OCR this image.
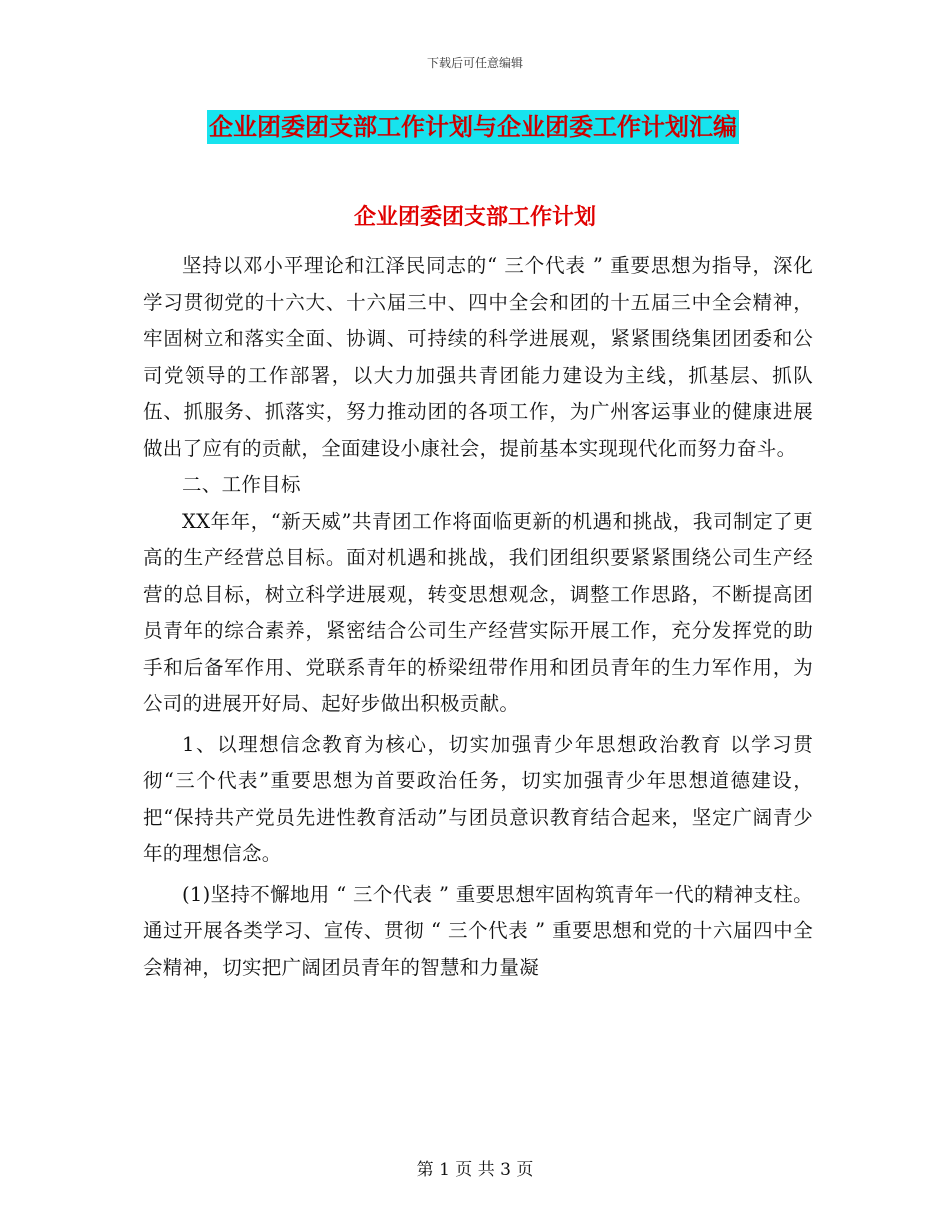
下载后可任意编辑
企业团委团支部工作计划与企业团委工作计划汇编
企业团委团支部工作计划

坚持以邓小平理论和江泽民同志的“ 三个代表 ” 重要思想为指导，深化学习贯彻党的十六大、十六届三中、四中全会和团的十五届三中全会精神，牢固树立和落实全面、协调、可持续的科学进展观，紧紧围绕集团团委和公司党领导的工作部署，以大力加强共青团能力建设为主线，抓基层、抓队伍、抓服务、抓落实，努力推动团的各项工作，为广州客运事业的健康进展做出了应有的贡献，全面建设小康社会，提前基本实现现代化而努力奋斗。

二、工作目标

XX年年，“新天威”共青团工作将面临更新的机遇和挑战，我司制定了更高的生产经营总目标。面对机遇和挑战，我们团组织要紧紧围绕公司生产经营的总目标，树立科学进展观，转变思想观念，调整工作思路，不断提高团员青年的综合素养，紧密结合公司生产经营实际开展工作，充分发挥党的助手和后备军作用、党联系青年的桥梁纽带作用和团员青年的生力军作用，为公司的进展开好局、起好步做出积极贡献。

1、以理想信念教育为核心，切实加强青少年思想政治教育 以学习贯彻“三个代表”重要思想为首要政治任务，切实加强青少年思想道德建设，把“保持共产党员先进性教育活动”与团员意识教育结合起来，坚定广阔青少年的理想信念。

(1)坚持不懈地用 “ 三个代表 ” 重要思想牢固构筑青年一代的精神支柱。通过开展各类学习、宣传、贯彻 “ 三个代表 ” 重要思想和党的十六届四中全会精神，切实把广阔团员青年的智慧和力量凝

第 1 页 共 3 页
